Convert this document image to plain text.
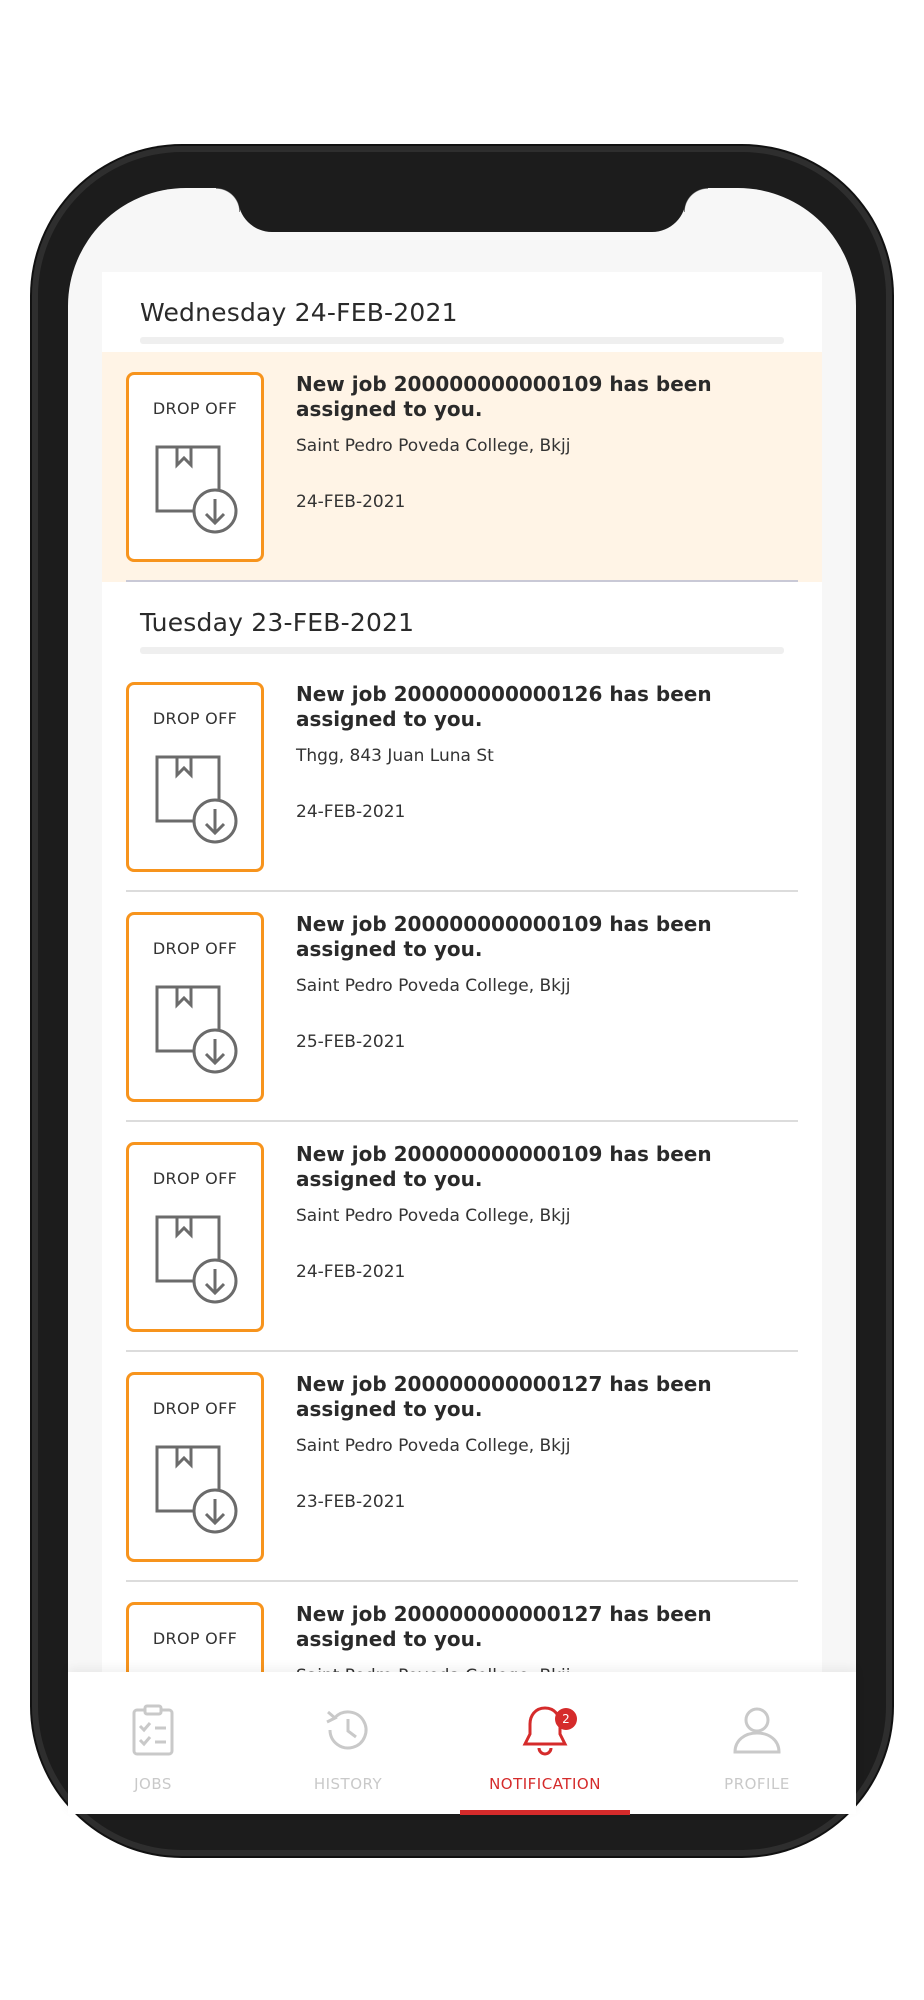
Wednesday 24-FEB-2021
DROP OFF
New job 200000000000109 has been assigned to you.
Saint Pedro Poveda College, Bkjj
24-FEB-2021
Tuesday 23-FEB-2021
DROP OFF
New job 200000000000126 has been assigned to you.
Thgg, 843 Juan Luna St
24-FEB-2021
DROP OFF
New job 200000000000109 has been assigned to you.
Saint Pedro Poveda College, Bkjj
25-FEB-2021
DROP OFF
New job 200000000000109 has been assigned to you.
Saint Pedro Poveda College, Bkjj
24-FEB-2021
DROP OFF
New job 200000000000127 has been assigned to you.
Saint Pedro Poveda College, Bkjj
23-FEB-2021
DROP OFF
New job 200000000000127 has been assigned to you.
JOBS	HISTORY
2
NOTIFICATION	PROFILE
